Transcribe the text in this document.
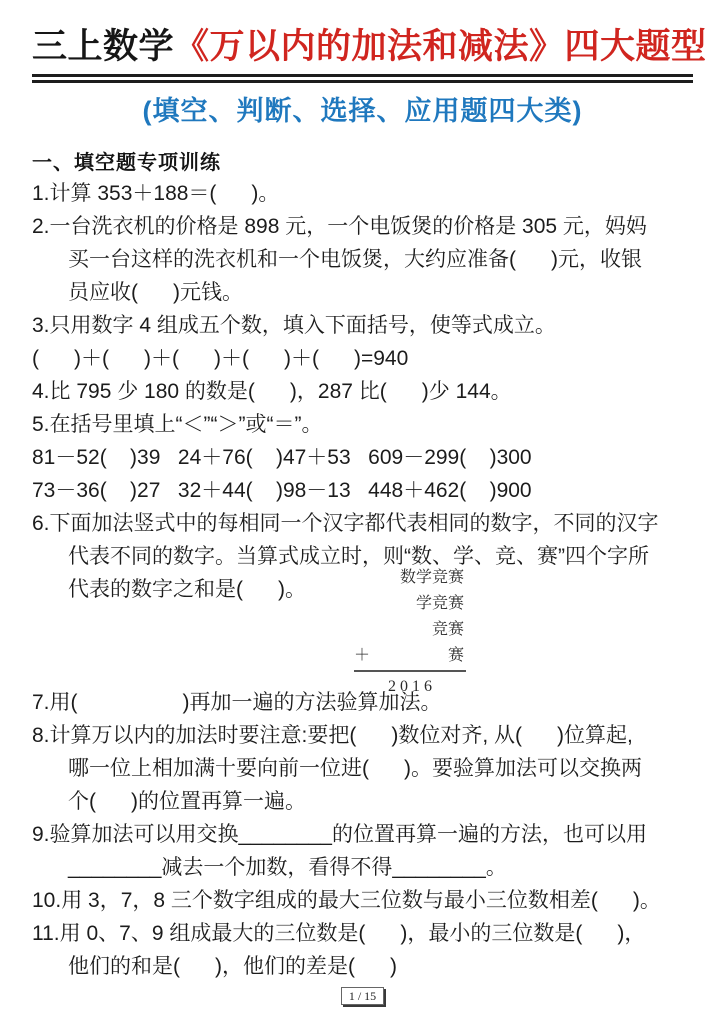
三上数学《万以内的加法和减法》四大题型
(填空、判断、选择、应用题四大类)
一、填空题专项训练
1.计算 353＋188＝(      )。
2.一台洗衣机的价格是 898 元，一个电饭煲的价格是 305 元，妈妈
买一台这样的洗衣机和一个电饭煲，大约应准备(      )元，收银
员应收(      )元钱。
3.只用数字 4 组成五个数，填入下面括号，使等式成立。
(      )＋(      )＋(      )＋(      )＋(      )=940
4.比 795 少 180 的数是(      )，287 比(      )少 144。
5.在括号里填上“＜”“＞”或“＝”。
81－52(    )39   24＋76(    )47＋53   609－299(    )300
73－36(    )27   32＋44(    )98－13   448＋462(    )900
6.下面加法竖式中的每相同一个汉字都代表相同的数字，不同的汉字
代表不同的数字。当算式成立时，则“数、学、竞、赛”四个字所
代表的数字之和是(      )。
数学竞赛
学竞赛
竞赛
＋	赛
2 0 1 6
7.用(                  )再加一遍的方法验算加法。
8.计算万以内的加法时要注意:要把(      )数位对齐, 从(      )位算起,
哪一位上相加满十要向前一位进(      )。要验算加法可以交换两
个(      )的位置再算一遍。
9.验算加法可以用交换________的位置再算一遍的方法，也可以用
________减去一个加数，看得不得________。
10.用 3，7，8 三个数字组成的最大三位数与最小三位数相差(      )。
11.用 0、7、9 组成最大的三位数是(      )，最小的三位数是(      )，
他们的和是(      )，他们的差是(      )
1 / 15
